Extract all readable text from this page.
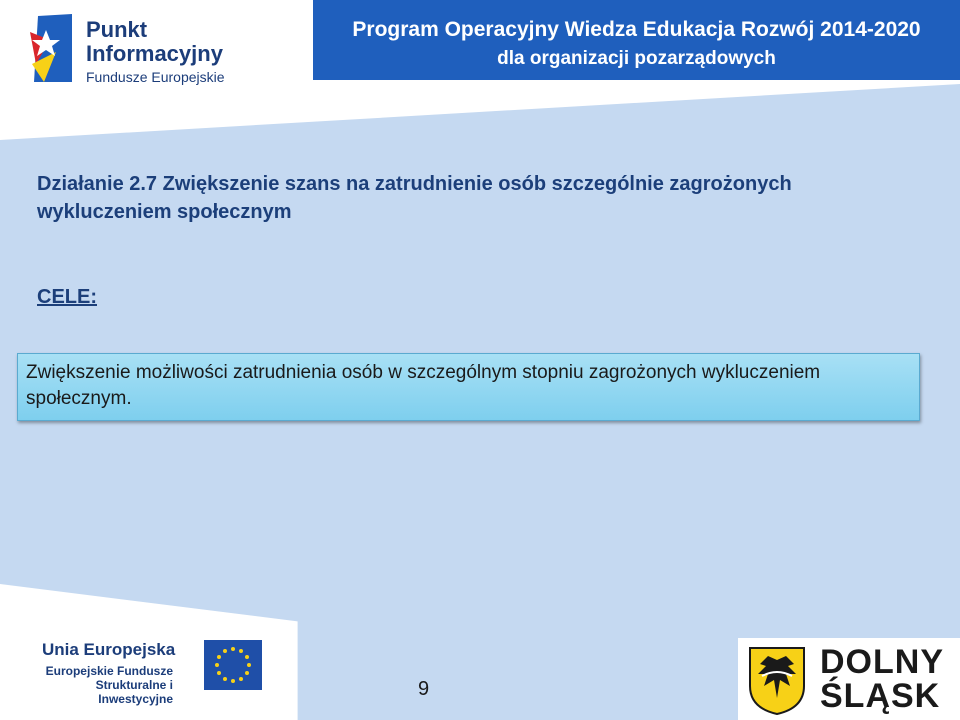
Program Operacyjny Wiedza Edukacja Rozwój 2014-2020
dla organizacji pozarządowych
Punkt
Informacyjny
Fundusze Europejskie
Działanie 2.7 Zwiększenie szans na zatrudnienie osób szczególnie zagrożonych wykluczeniem społecznym
CELE:
Zwiększenie możliwości zatrudnienia osób w szczególnym stopniu zagrożonych wykluczeniem społecznym.
Unia Europejska
Europejskie Fundusze
Strukturalne i Inwestycyjne	9
DOLNY
ŚLĄSK
